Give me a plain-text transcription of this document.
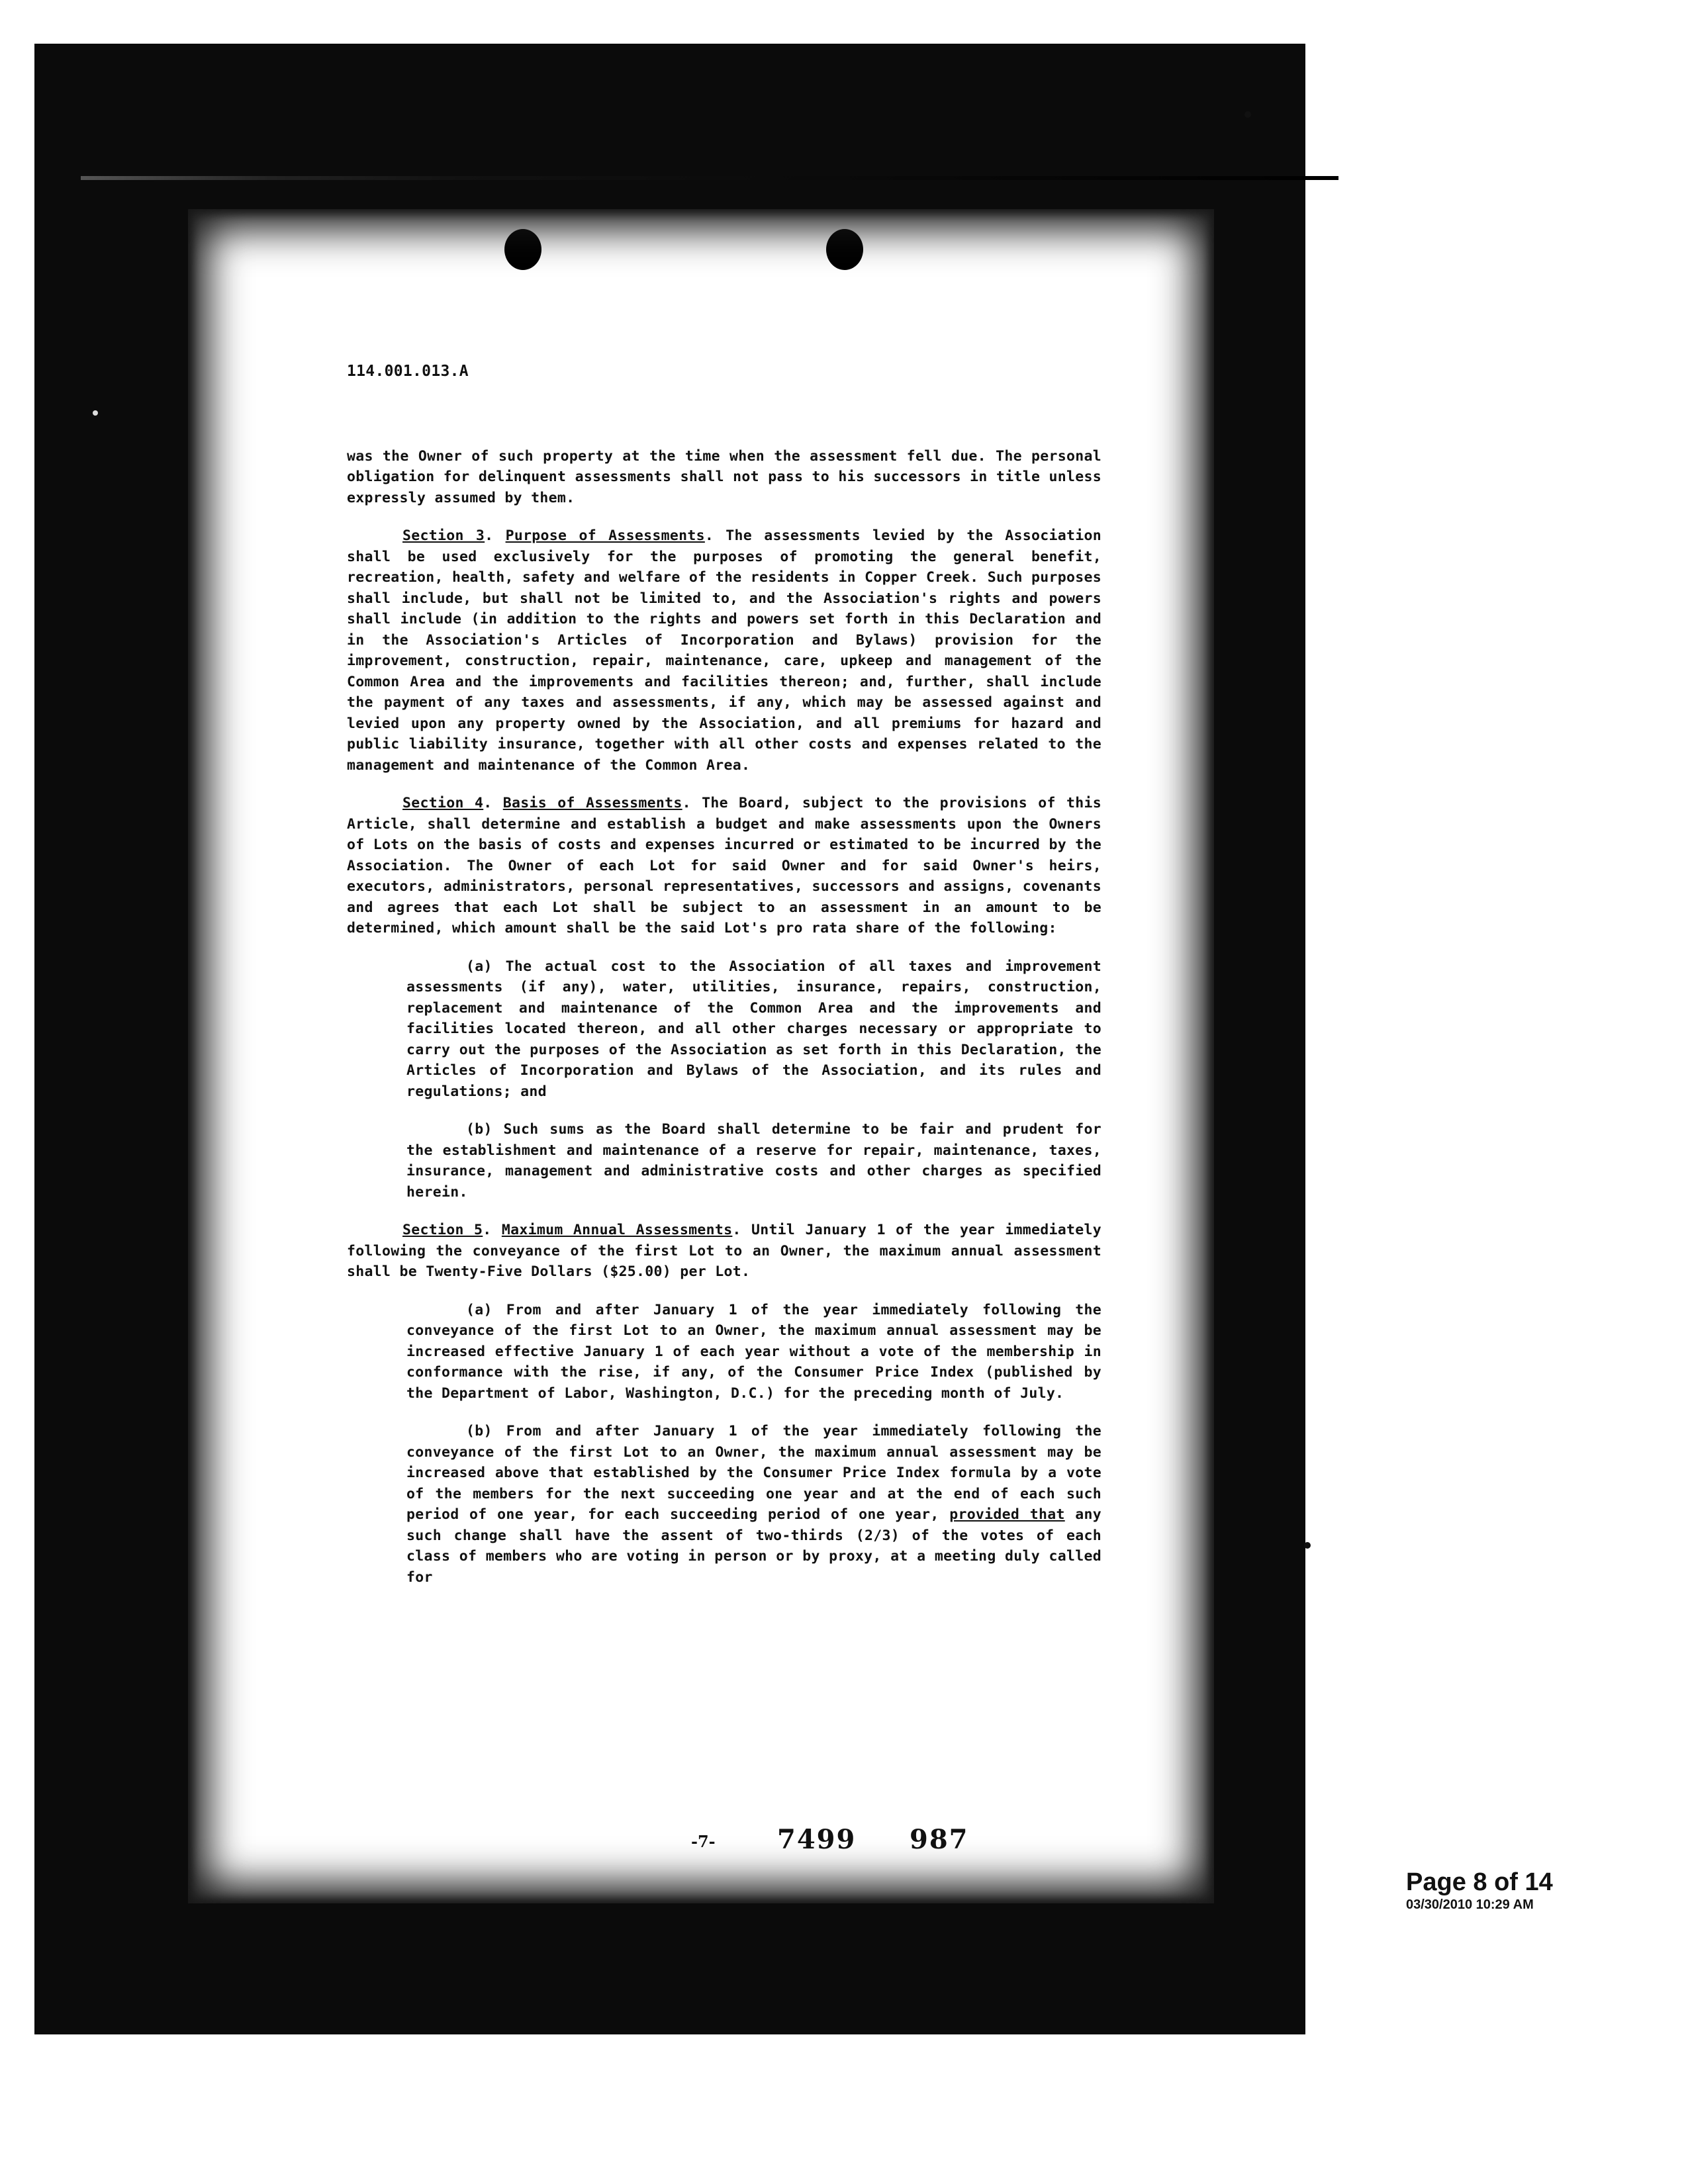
114.001.013.A

was the Owner of such property at the time when the assessment fell due. The personal obligation for delinquent assessments shall not pass to his successors in title unless expressly assumed by them.

Section 3. Purpose of Assessments. The assessments levied by the Association shall be used exclusively for the purposes of promoting the general benefit, recreation, health, safety and welfare of the residents in Copper Creek. Such purposes shall include, but shall not be limited to, and the Association's rights and powers shall include (in addition to the rights and powers set forth in this Declaration and in the Association's Articles of Incorporation and Bylaws) provision for the improvement, construction, repair, maintenance, care, upkeep and management of the Common Area and the improvements and facilities thereon; and, further, shall include the payment of any taxes and assessments, if any, which may be assessed against and levied upon any property owned by the Association, and all premiums for hazard and public liability insurance, together with all other costs and expenses related to the management and maintenance of the Common Area.

Section 4. Basis of Assessments. The Board, subject to the provisions of this Article, shall determine and establish a budget and make assessments upon the Owners of Lots on the basis of costs and expenses incurred or estimated to be incurred by the Association. The Owner of each Lot for said Owner and for said Owner's heirs, executors, administrators, personal representatives, successors and assigns, covenants and agrees that each Lot shall be subject to an assessment in an amount to be determined, which amount shall be the said Lot's pro rata share of the following:

(a) The actual cost to the Association of all taxes and improvement assessments (if any), water, utilities, insurance, repairs, construction, replacement and maintenance of the Common Area and the improvements and facilities located thereon, and all other charges necessary or appropriate to carry out the purposes of the Association as set forth in this Declaration, the Articles of Incorporation and Bylaws of the Association, and its rules and regulations; and

(b) Such sums as the Board shall determine to be fair and prudent for the establishment and maintenance of a reserve for repair, maintenance, taxes, insurance, management and administrative costs and other charges as specified herein.

Section 5. Maximum Annual Assessments. Until January 1 of the year immediately following the conveyance of the first Lot to an Owner, the maximum annual assessment shall be Twenty-Five Dollars ($25.00) per Lot.

(a) From and after January 1 of the year immediately following the conveyance of the first Lot to an Owner, the maximum annual assessment may be increased effective January 1 of each year without a vote of the membership in conformance with the rise, if any, of the Consumer Price Index (published by the Department of Labor, Washington, D.C.) for the preceding month of July.

(b) From and after January 1 of the year immediately following the conveyance of the first Lot to an Owner, the maximum annual assessment may be increased above that established by the Consumer Price Index formula by a vote of the members for the next succeeding one year and at the end of each such period of one year, for each succeeding period of one year, provided that any such change shall have the assent of two-thirds (2/3) of the votes of each class of members who are voting in person or by proxy, at a meeting duly called for

-7- 7499 987
Page 8 of 14
03/30/2010 10:29 AM
